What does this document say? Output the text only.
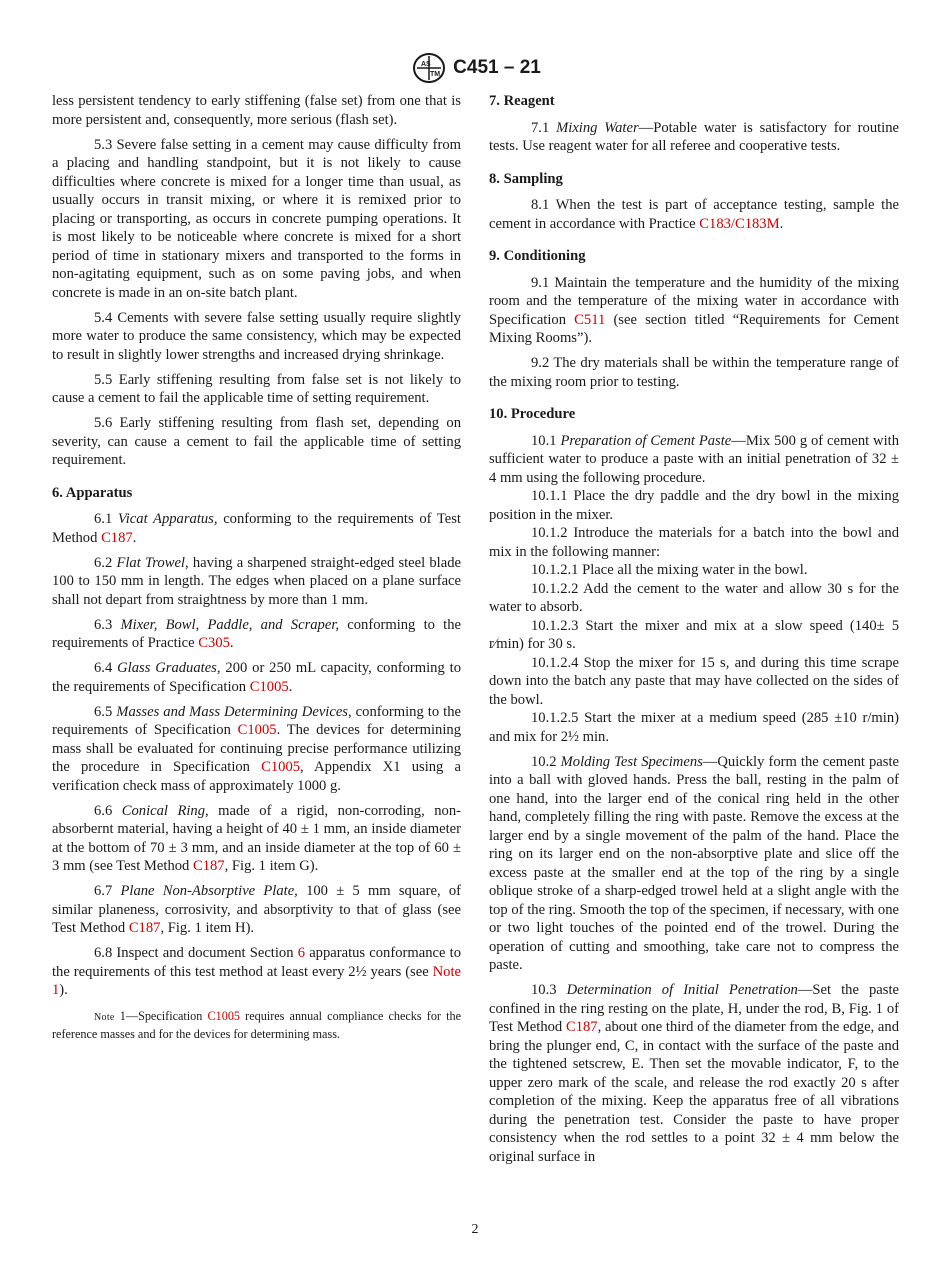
AS
TM C451 – 21

less persistent tendency to early stiffening (false set) from one that is more persistent and, consequently, more serious (flash set).

5.3 Severe false setting in a cement may cause difficulty from a placing and handling standpoint, but it is not likely to cause difficulties where concrete is mixed for a longer time than usual, as usually occurs in transit mixing, or where it is remixed prior to placing or transporting, as occurs in concrete pumping operations. It is most likely to be noticeable where concrete is mixed for a short period of time in stationary mixers and transported to the forms in non-agitating equipment, such as on some paving jobs, and when concrete is made in an on-site batch plant.

5.4 Cements with severe false setting usually require slightly more water to produce the same consistency, which may be expected to result in slightly lower strengths and increased drying shrinkage.

5.5 Early stiffening resulting from false set is not likely to cause a cement to fail the applicable time of setting requirement.

5.6 Early stiffening resulting from flash set, depending on severity, can cause a cement to fail the applicable time of setting requirement.

6. Apparatus

6.1 Vicat Apparatus, conforming to the requirements of Test Method C187.

6.2 Flat Trowel, having a sharpened straight-edged steel blade 100 to 150 mm in length. The edges when placed on a plane surface shall not depart from straightness by more than 1 mm.

6.3 Mixer, Bowl, Paddle, and Scraper, conforming to the requirements of Practice C305.

6.4 Glass Graduates, 200 or 250 mL capacity, conforming to the requirements of Specification C1005.

6.5 Masses and Mass Determining Devices, conforming to the requirements of Specification C1005. The devices for determining mass shall be evaluated for continuing precise performance utilizing the procedure in Specification C1005, Appendix X1 using a verification check mass of approximately 1000 g.

6.6 Conical Ring, made of a rigid, non-corroding, non-absorbernt material, having a height of 40 ± 1 mm, an inside diameter at the bottom of 70 ± 3 mm, and an inside diameter at the top of 60 ± 3 mm (see Test Method C187, Fig. 1 item G).

6.7 Plane Non-Absorptive Plate, 100 ± 5 mm square, of similar planeness, corrosivity, and absorptivity to that of glass (see Test Method C187, Fig. 1 item H).

6.8 Inspect and document Section 6 apparatus conformance to the requirements of this test method at least every 2½ years (see Note 1).

Note 1—Specification C1005 requires annual compliance checks for the reference masses and for the devices for determining mass.

7. Reagent

7.1 Mixing Water—Potable water is satisfactory for routine tests. Use reagent water for all referee and cooperative tests.

8. Sampling

8.1 When the test is part of acceptance testing, sample the cement in accordance with Practice C183/C183M.

9. Conditioning

9.1 Maintain the temperature and the humidity of the mixing room and the temperature of the mixing water in accordance with Specification C511 (see section titled “Requirements for Cement Mixing Rooms”).

9.2 The dry materials shall be within the temperature range of the mixing room prior to testing.

10. Procedure

10.1 Preparation of Cement Paste—Mix 500 g of cement with sufficient water to produce a paste with an initial penetration of 32 ± 4 mm using the following procedure.

10.1.1 Place the dry paddle and the dry bowl in the mixing position in the mixer.

10.1.2 Introduce the materials for a batch into the bowl and mix in the following manner:

10.1.2.1 Place all the mixing water in the bowl.

10.1.2.2 Add the cement to the water and allow 30 s for the water to absorb.

10.1.2.3 Start the mixer and mix at a slow speed (140± 5 r⁄min) for 30 s.

10.1.2.4 Stop the mixer for 15 s, and during this time scrape down into the batch any paste that may have collected on the sides of the bowl.

10.1.2.5 Start the mixer at a medium speed (285 ±10 r/min) and mix for 2½ min.

10.2 Molding Test Specimens—Quickly form the cement paste into a ball with gloved hands. Press the ball, resting in the palm of one hand, into the larger end of the conical ring held in the other hand, completely filling the ring with paste. Remove the excess at the larger end by a single movement of the palm of the hand. Place the ring on its larger end on the non-absorptive plate and slice off the excess paste at the smaller end at the top of the ring by a single oblique stroke of a sharp-edged trowel held at a slight angle with the top of the ring. Smooth the top of the specimen, if necessary, with one or two light touches of the pointed end of the trowel. During the operation of cutting and smoothing, take care not to compress the paste.

10.3 Determination of Initial Penetration—Set the paste confined in the ring resting on the plate, H, under the rod, B, Fig. 1 of Test Method C187, about one third of the diameter from the edge, and bring the plunger end, C, in contact with the surface of the paste and the tightened setscrew, E. Then set the movable indicator, F, to the upper zero mark of the scale, and release the rod exactly 20 s after completion of the mixing. Keep the apparatus free of all vibrations during the penetration test. Consider the paste to have proper consistency when the rod settles to a point 32 ± 4 mm below the original surface in

2
